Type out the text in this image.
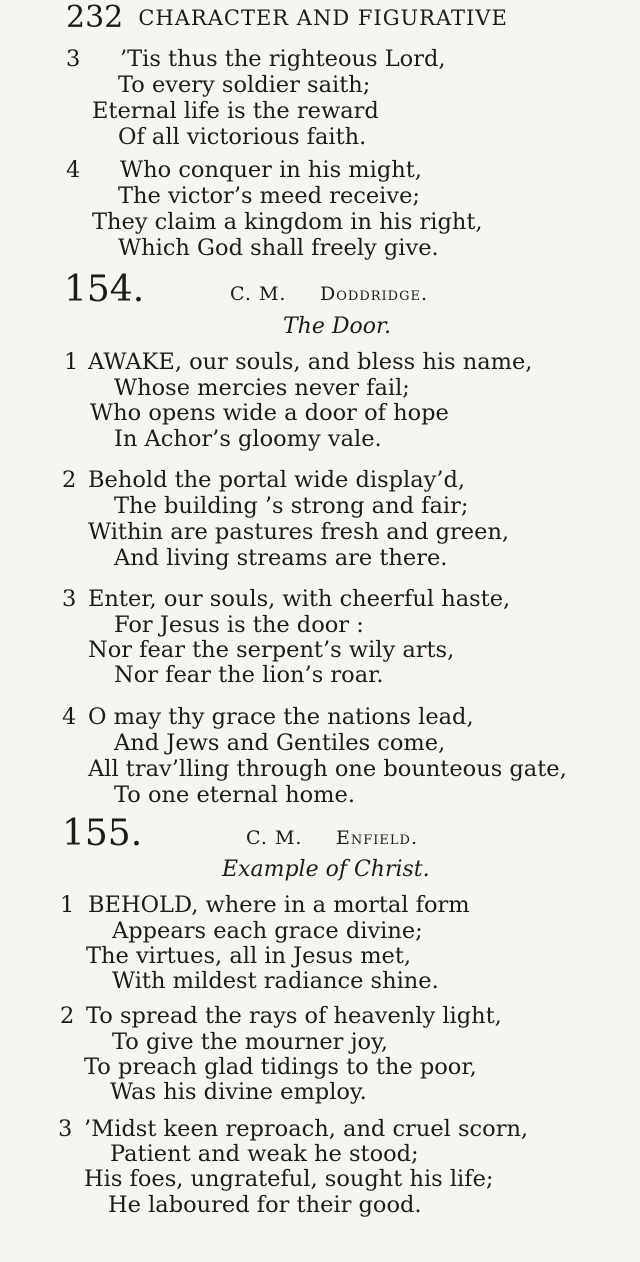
232 CHARACTER AND FIGURATIVE
3 ’Tis thus the righteous Lord,
To every soldier saith;
Eternal life is the reward
Of all victorious faith.
4 Who conquer in his might,
The victor’s meed receive;
They claim a kingdom in his right,
Which God shall freely give.
154.	C. M. Doddridge.
The Door.
1 AWAKE, our souls, and bless his name,
Whose mercies never fail;
Who opens wide a door of hope
In Achor’s gloomy vale.
2 Behold the portal wide display’d,
The building ’s strong and fair;
Within are pastures fresh and green,
And living streams are there.
3 Enter, our souls, with cheerful haste,
For Jesus is the door :
Nor fear the serpent’s wily arts,
Nor fear the lion’s roar.
4 O may thy grace the nations lead,
And Jews and Gentiles come,
All trav’lling through one bounteous gate,
To one eternal home.
155.	C. M. Enfield.
Example of Christ.
1 BEHOLD, where in a mortal form
Appears each grace divine;
The virtues, all in Jesus met,
With mildest radiance shine.
2 To spread the rays of heavenly light,
To give the mourner joy,
To preach glad tidings to the poor,
Was his divine employ.
3 ’Midst keen reproach, and cruel scorn,
Patient and weak he stood;
His foes, ungrateful, sought his life;
He laboured for their good.
